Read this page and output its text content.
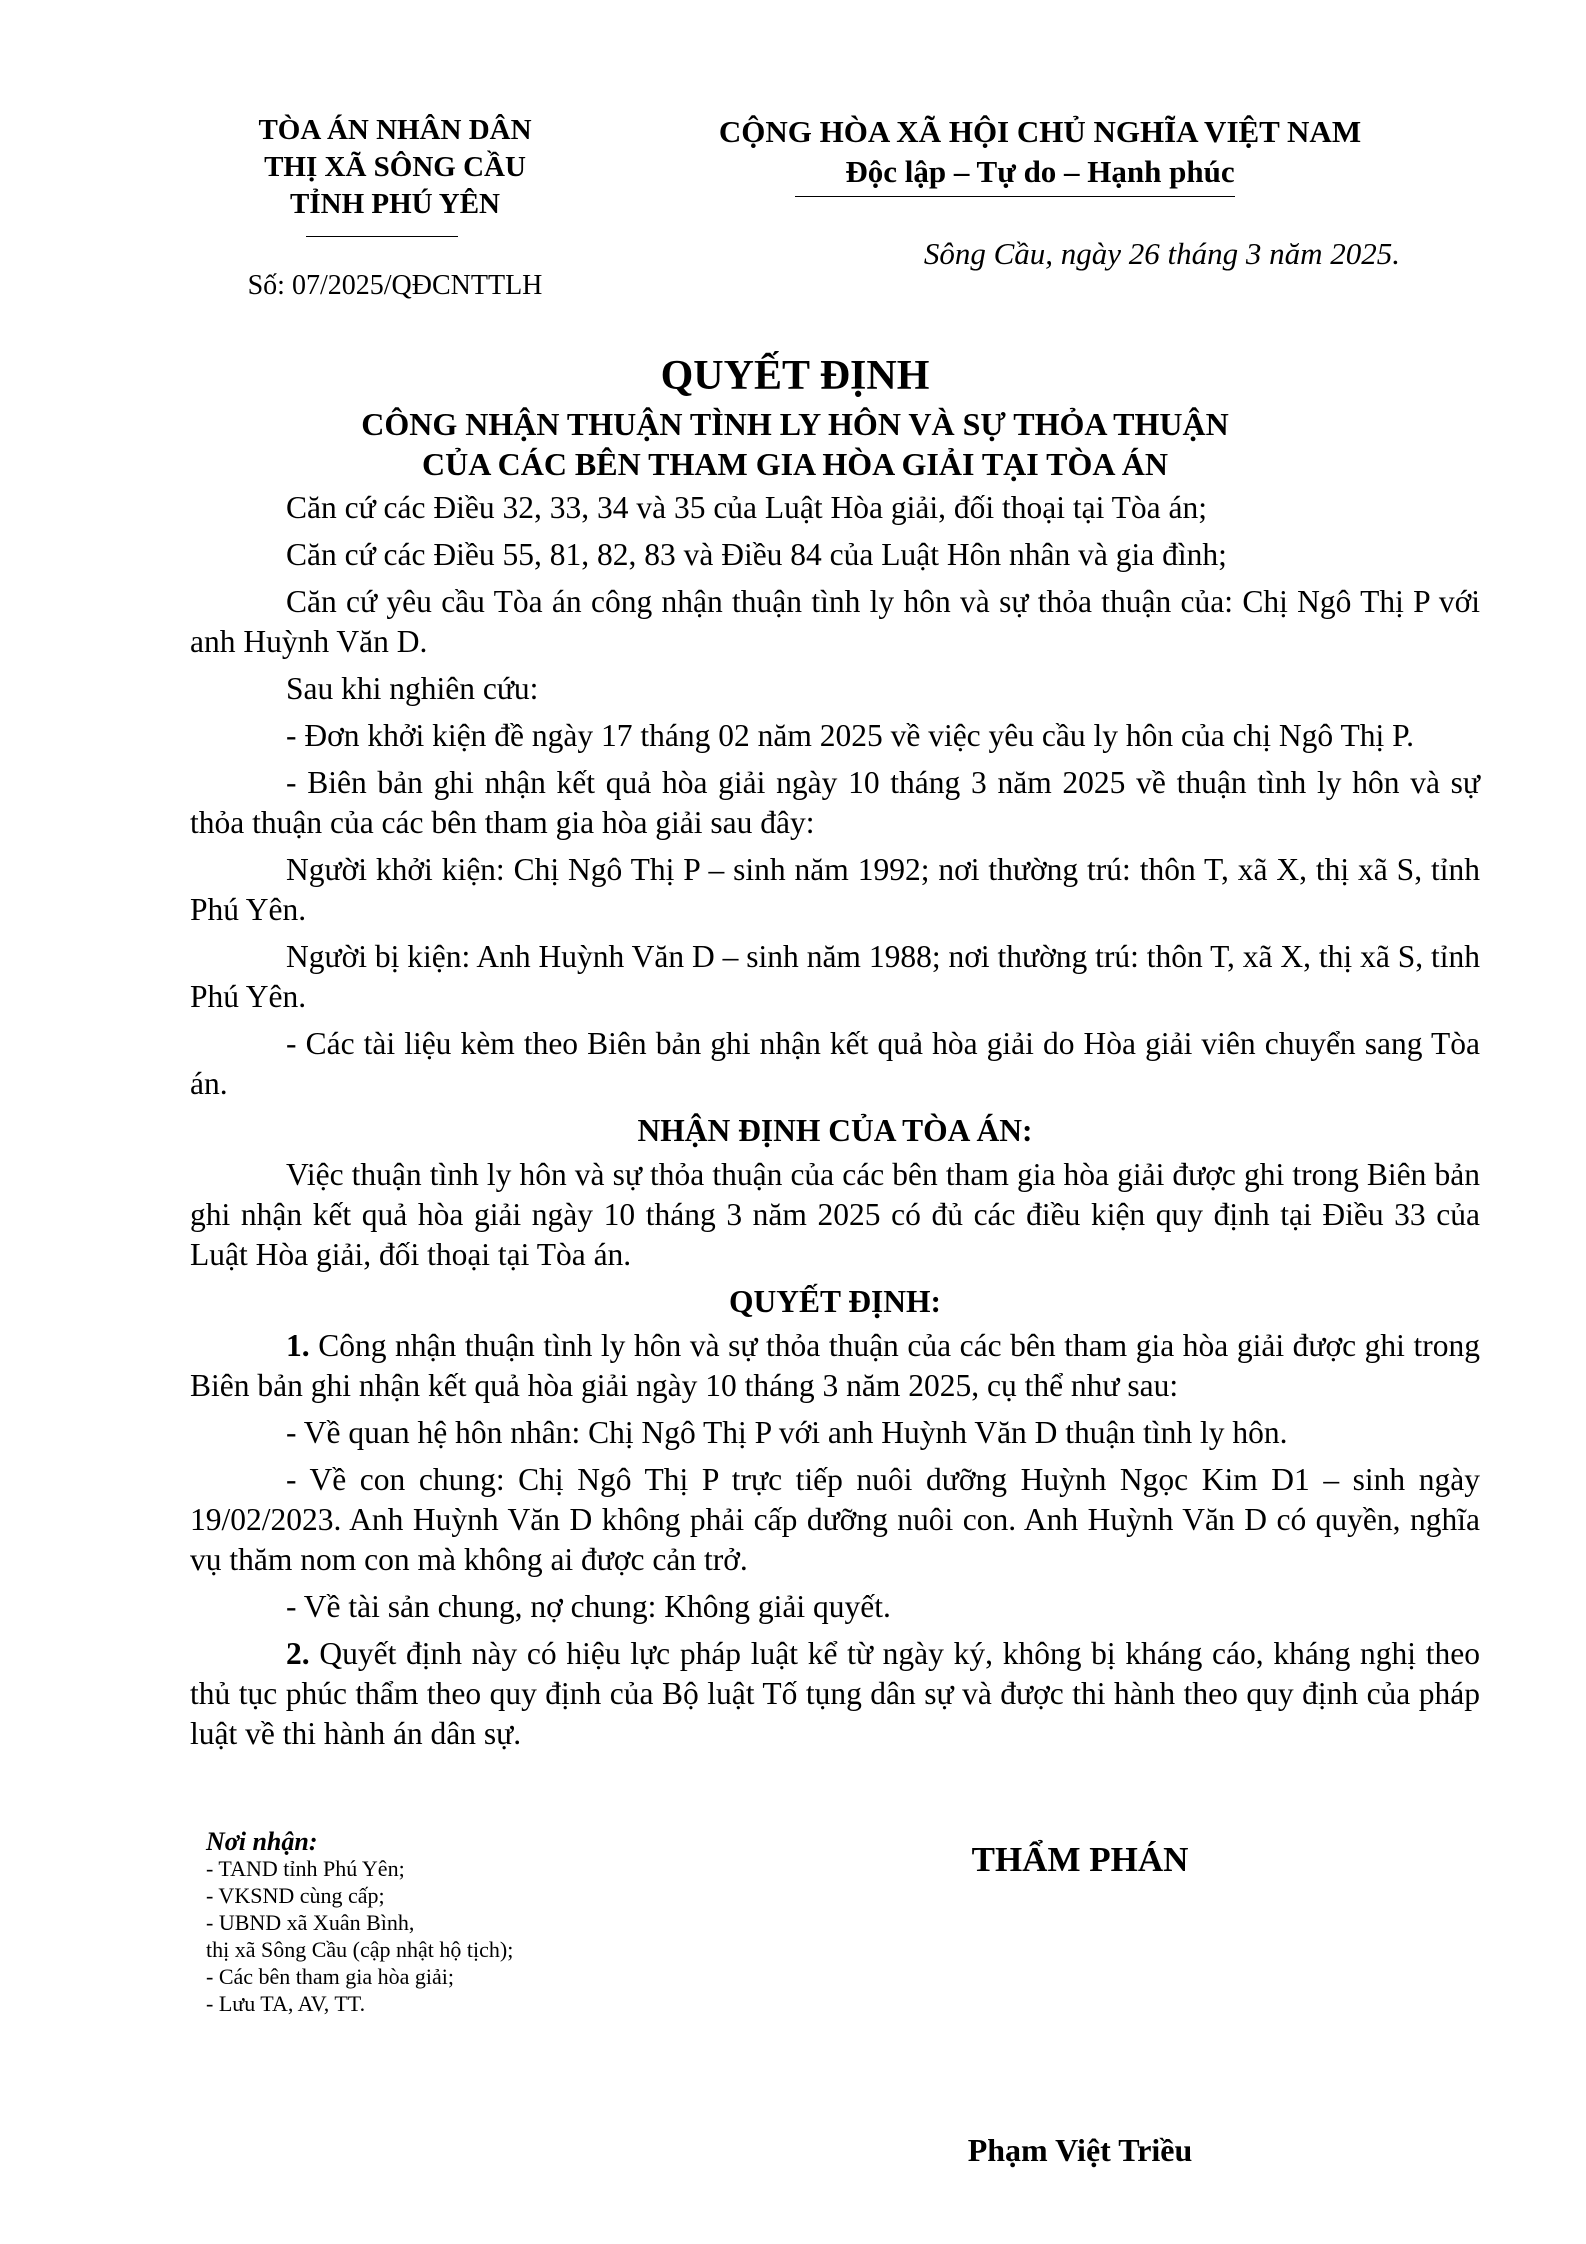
TÒA ÁN NHÂN DÂN
THỊ XÃ SÔNG CẦU
TỈNH PHÚ YÊN
Số: 07/2025/QĐCNTTLH
CỘNG HÒA XÃ HỘI CHỦ NGHĨA VIỆT NAM
Độc lập – Tự do – Hạnh phúc
Sông Cầu, ngày 26 tháng 3 năm 2025.
QUYẾT ĐỊNH
CÔNG NHẬN THUẬN TÌNH LY HÔN VÀ SỰ THỎA THUẬN
CỦA CÁC BÊN THAM GIA HÒA GIẢI TẠI TÒA ÁN

Căn cứ các Điều 32, 33, 34 và 35 của Luật Hòa giải, đối thoại tại Tòa án;

Căn cứ các Điều 55, 81, 82, 83 và Điều 84 của Luật Hôn nhân và gia đình;

Căn cứ yêu cầu Tòa án công nhận thuận tình ly hôn và sự thỏa thuận của: Chị Ngô Thị P với anh Huỳnh Văn D.

Sau khi nghiên cứu:

- Đơn khởi kiện đề ngày 17 tháng 02 năm 2025 về việc yêu cầu ly hôn của chị Ngô Thị P.

- Biên bản ghi nhận kết quả hòa giải ngày 10 tháng 3 năm 2025 về thuận tình ly hôn và sự thỏa thuận của các bên tham gia hòa giải sau đây:

Người khởi kiện: Chị Ngô Thị P – sinh năm 1992; nơi thường trú: thôn T, xã X, thị xã S, tỉnh Phú Yên.

Người bị kiện: Anh Huỳnh Văn D – sinh năm 1988; nơi thường trú: thôn T, xã X, thị xã S, tỉnh Phú Yên.

- Các tài liệu kèm theo Biên bản ghi nhận kết quả hòa giải do Hòa giải viên chuyển sang Tòa án.

NHẬN ĐỊNH CỦA TÒA ÁN:

Việc thuận tình ly hôn và sự thỏa thuận của các bên tham gia hòa giải được ghi trong Biên bản ghi nhận kết quả hòa giải ngày 10 tháng 3 năm 2025 có đủ các điều kiện quy định tại Điều 33 của Luật Hòa giải, đối thoại tại Tòa án.

QUYẾT ĐỊNH:

1. Công nhận thuận tình ly hôn và sự thỏa thuận của các bên tham gia hòa giải được ghi trong Biên bản ghi nhận kết quả hòa giải ngày 10 tháng 3 năm 2025, cụ thể như sau:

- Về quan hệ hôn nhân: Chị Ngô Thị P với anh Huỳnh Văn D thuận tình ly hôn.

- Về con chung: Chị Ngô Thị P trực tiếp nuôi dưỡng Huỳnh Ngọc Kim D1 – sinh ngày 19/02/2023. Anh Huỳnh Văn D không phải cấp dưỡng nuôi con. Anh Huỳnh Văn D có quyền, nghĩa vụ thăm nom con mà không ai được cản trở.

- Về tài sản chung, nợ chung: Không giải quyết.

2. Quyết định này có hiệu lực pháp luật kể từ ngày ký, không bị kháng cáo, kháng nghị theo thủ tục phúc thẩm theo quy định của Bộ luật Tố tụng dân sự và được thi hành theo quy định của pháp luật về thi hành án dân sự.

Nơi nhận:
- TAND tỉnh Phú Yên;
- VKSND cùng cấp;
- UBND xã Xuân Bình,
thị xã Sông Cầu (cập nhật hộ tịch);
- Các bên tham gia hòa giải;
- Lưu TA, AV, TT.
THẨM PHÁN
Phạm Việt Triều
